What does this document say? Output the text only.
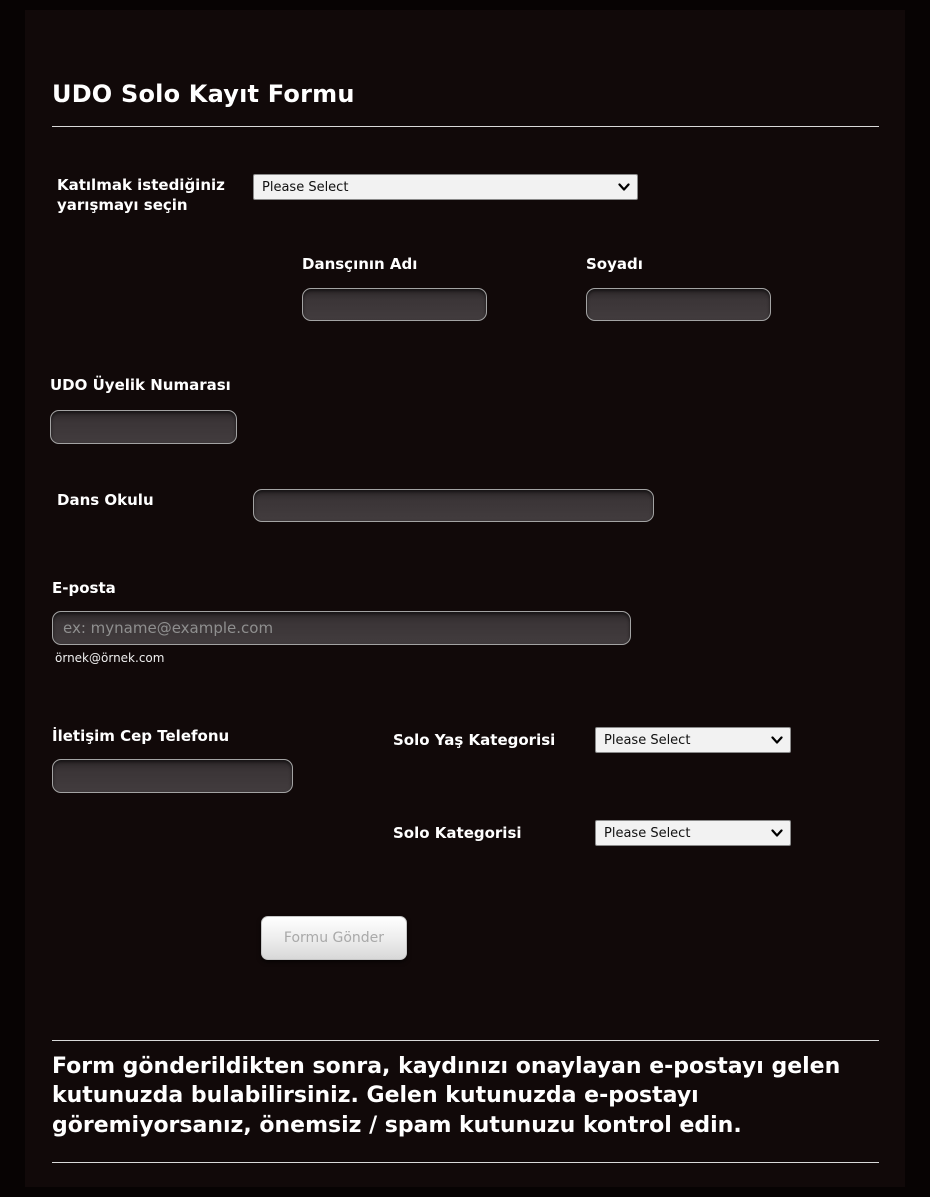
UDO Solo Kayıt Formu
Katılmak istediğiniz yarışmayı seçin
Please Select
Dansçının Adı	Soyadı
UDO Üyelik Numarası
Dans Okulu
E-posta
ex: myname@example.com
örnek@örnek.com
İletişim Cep Telefonu	Solo Yaş Kategorisi
Please Select
Solo Kategorisi
Please Select
Formu Gönder
Form gönderildikten sonra, kaydınızı onaylayan e-postayı gelen kutunuzda bulabilirsiniz. Gelen kutunuzda e-postayı göremiyorsanız, önemsiz / spam kutunuzu kontrol edin.
